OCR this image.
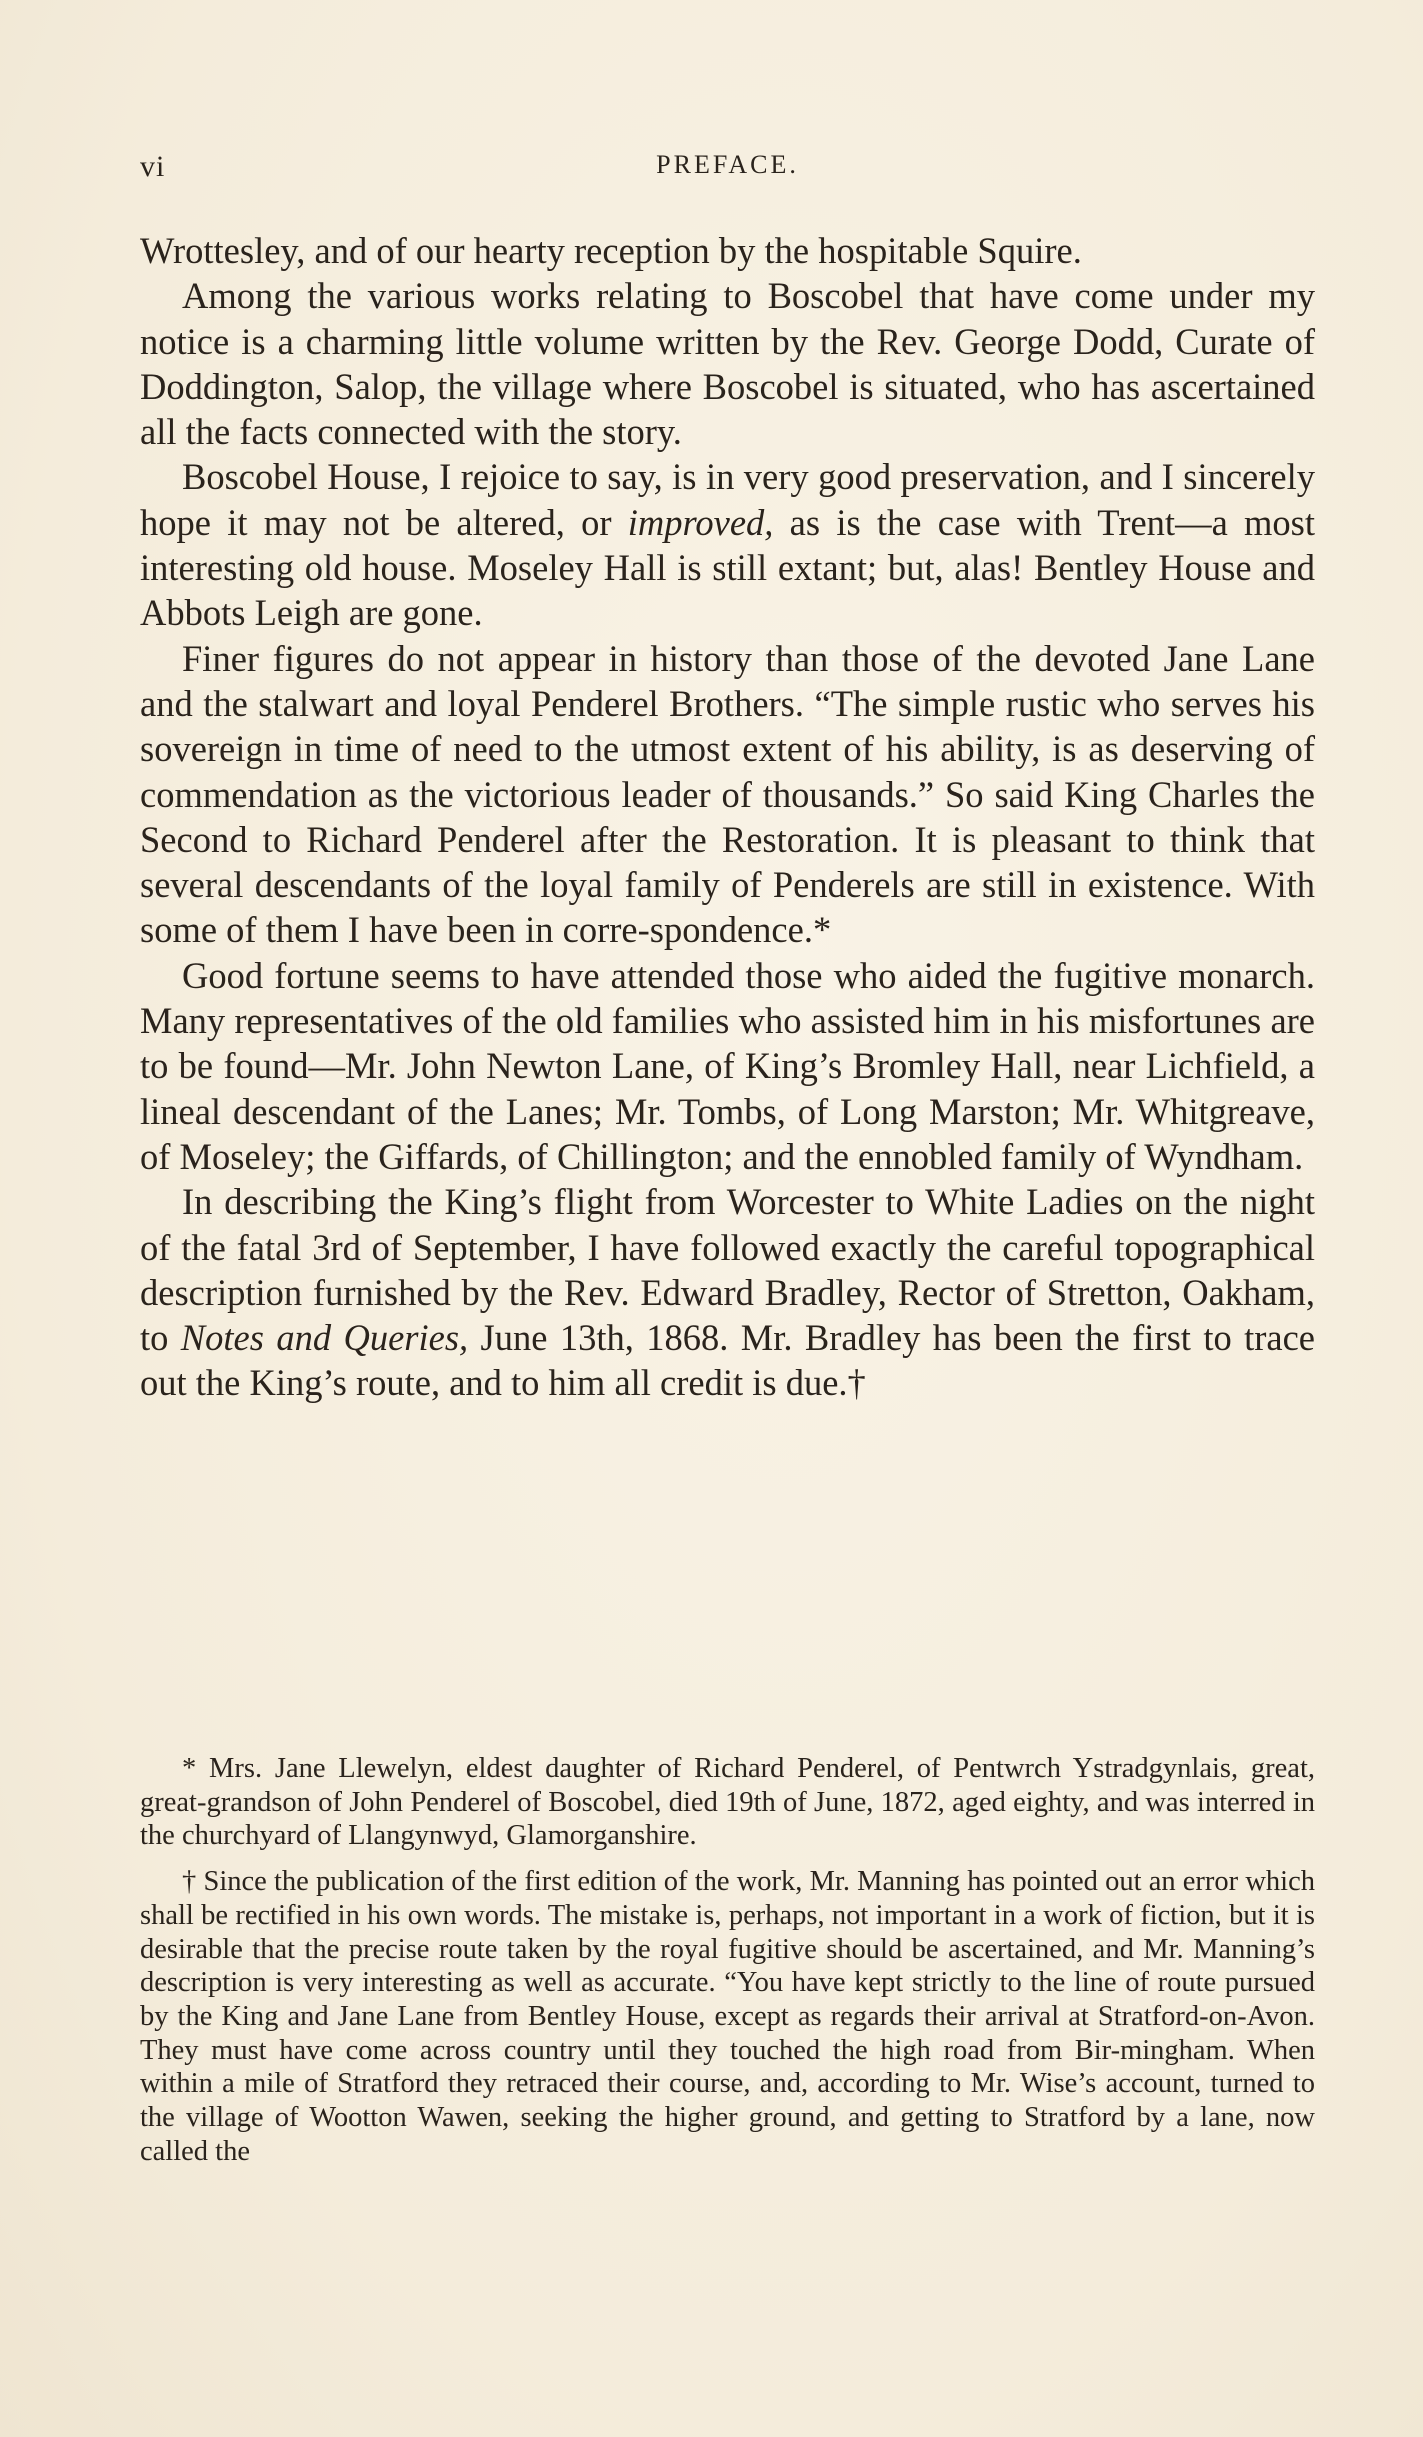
vi	PREFACE.

Wrottesley, and of our hearty reception by the hospitable Squire.

Among the various works relating to Boscobel that have come under my notice is a charming little volume written by the Rev. George Dodd, Curate of Doddington, Salop, the village where Boscobel is situated, who has ascertained all the facts connected with the story.

Boscobel House, I rejoice to say, is in very good preservation, and I sincerely hope it may not be altered, or improved, as is the case with Trent—a most interesting old house. Moseley Hall is still extant; but, alas! Bentley House and Abbots Leigh are gone.

Finer figures do not appear in history than those of the devoted Jane Lane and the stalwart and loyal Penderel Brothers. “The simple rustic who serves his sovereign in time of need to the utmost extent of his ability, is as deserving of commendation as the victorious leader of thousands.” So said King Charles the Second to Richard Penderel after the Restoration. It is pleasant to think that several descendants of the loyal family of Penderels are still in existence. With some of them I have been in corre-spondence.*

Good fortune seems to have attended those who aided the fugitive monarch. Many representatives of the old families who assisted him in his misfortunes are to be found—Mr. John Newton Lane, of King’s Bromley Hall, near Lichfield, a lineal descendant of the Lanes; Mr. Tombs, of Long Marston; Mr. Whitgreave, of Moseley; the Giffards, of Chillington; and the ennobled family of Wyndham.

In describing the King’s flight from Worcester to White Ladies on the night of the fatal 3rd of September, I have followed exactly the careful topographical description furnished by the Rev. Edward Bradley, Rector of Stretton, Oakham, to Notes and Queries, June 13th, 1868. Mr. Bradley has been the first to trace out the King’s route, and to him all credit is due.†

* Mrs. Jane Llewelyn, eldest daughter of Richard Penderel, of Pentwrch Ystradgynlais, great, great-grandson of John Penderel of Boscobel, died 19th of June, 1872, aged eighty, and was interred in the churchyard of Llangynwyd, Glamorganshire.

† Since the publication of the first edition of the work, Mr. Manning has pointed out an error which shall be rectified in his own words. The mistake is, perhaps, not important in a work of fiction, but it is desirable that the precise route taken by the royal fugitive should be ascertained, and Mr. Manning’s description is very interesting as well as accurate. “You have kept strictly to the line of route pursued by the King and Jane Lane from Bentley House, except as regards their arrival at Stratford-on-Avon. They must have come across country until they touched the high road from Bir-mingham. When within a mile of Stratford they retraced their course, and, according to Mr. Wise’s account, turned to the village of Wootton Wawen, seeking the higher ground, and getting to Stratford by a lane, now called the
